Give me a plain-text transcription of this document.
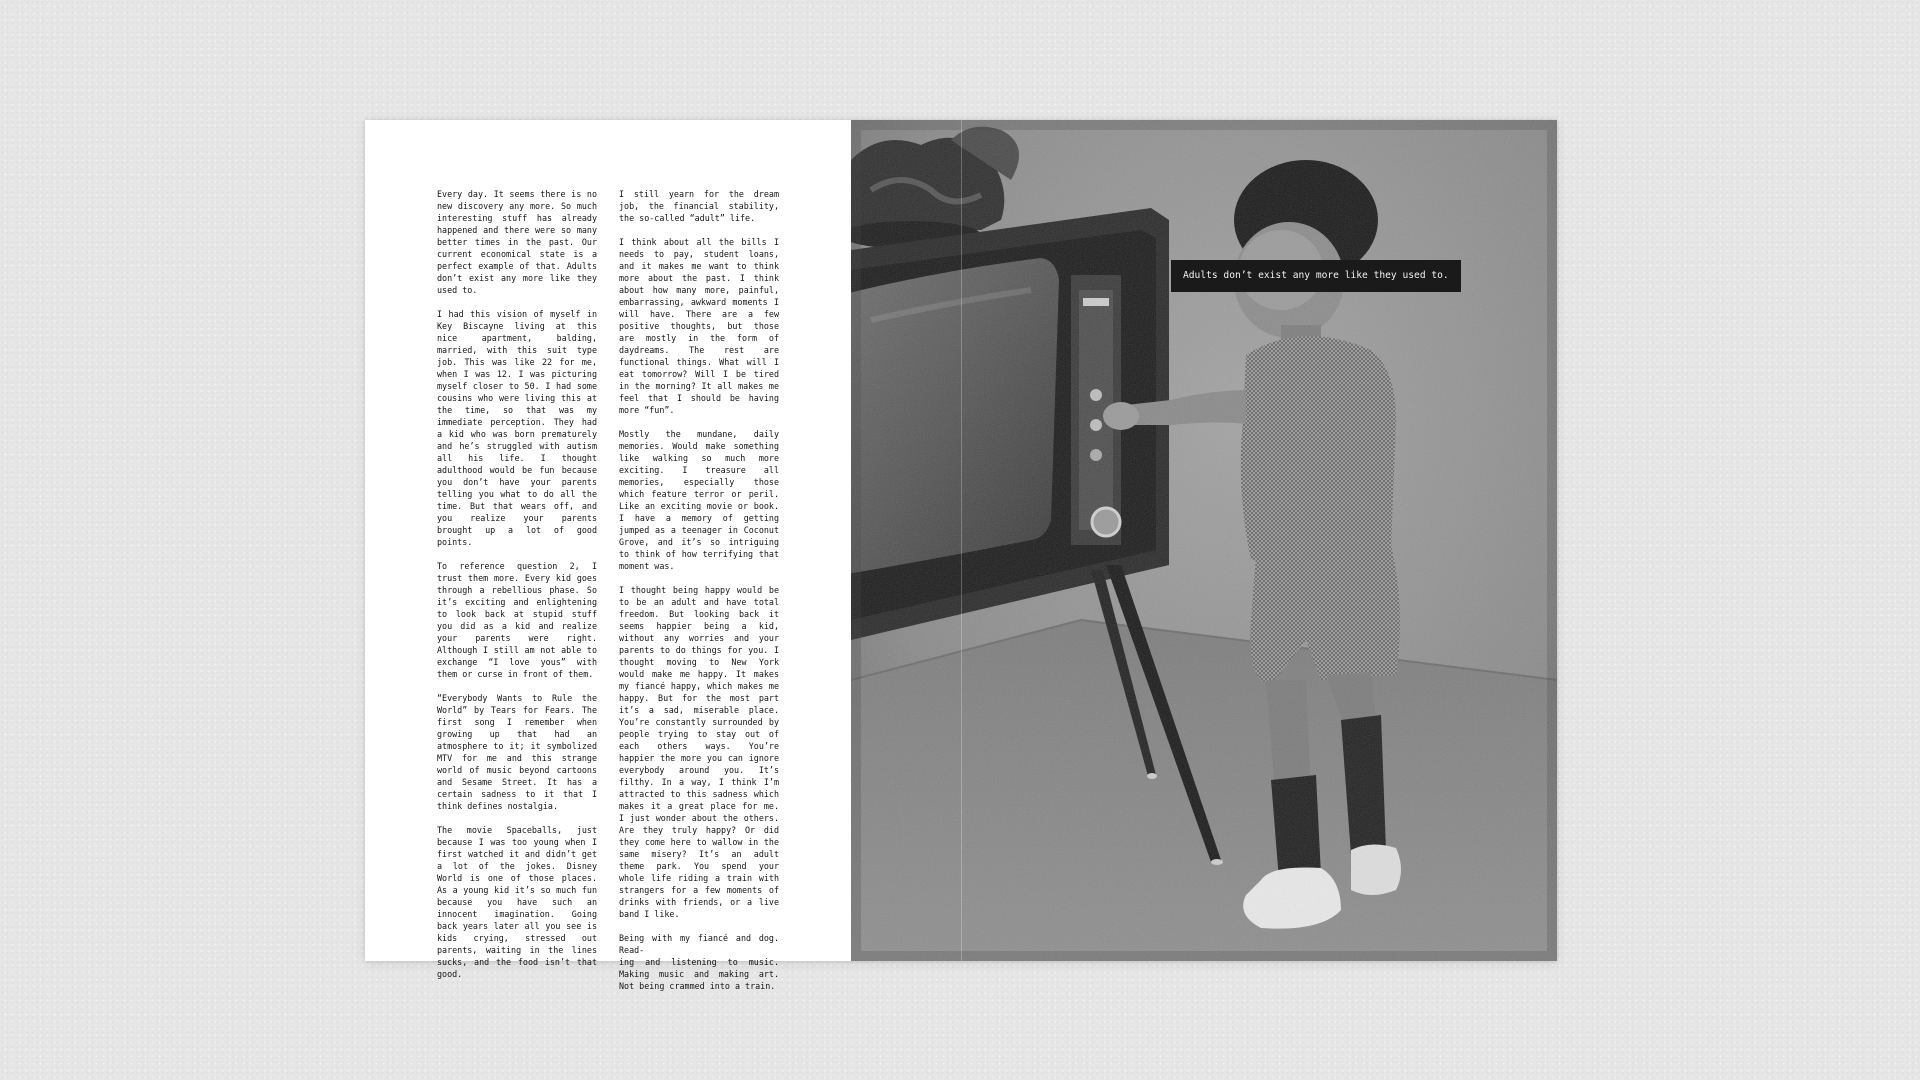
Every day. It seems there is no new discovery any more. So much interesting stuff has already happened and there were so many better times in the past. Our current economical state is a perfect example of that. Adults don’t exist any more like they used to.

I had this vision of myself in Key Biscayne living at this nice apartment, balding, married, with this suit type job. This was like 22 for me, when I was 12. I was picturing myself closer to 50. I had some cousins who were living this at the time, so that was my immediate perception. They had a kid who was born prematurely and he’s struggled with autism all his life. I thought adulthood would be fun because you don’t have your parents telling you what to do all the time. But that wears off, and you realize your parents brought up a lot of good points.

To reference question 2, I trust them more. Every kid goes through a rebellious phase. So it’s exciting and enlightening to look back at stupid stuff you did as a kid and realize your parents were right. Although I still am not able to exchange “I love yous” with them or curse in front of them.

“Everybody Wants to Rule the World” by Tears for Fears. The first song I remember when growing up that had an atmosphere to it; it symbolized MTV for me and this strange world of music beyond cartoons and Sesame Street. It has a certain sadness to it that I think defines nostalgia.

The movie Spaceballs, just because I was too young when I first watched it and didn’t get a lot of the jokes. Disney World is one of those places. As a young kid it’s so much fun because you have such an innocent imagination. Going back years later all you see is kids crying, stressed out parents, waiting in the lines sucks, and the food isn’t that good.

I still yearn for the dream job, the financial stability, the so-called “adult” life.

I think about all the bills I needs to pay, student loans, and it makes me want to think more about the past. I think about how many more, painful, embarrassing, awkward moments I will have. There are a few positive thoughts, but those are mostly in the form of daydreams. The rest are functional things. What will I eat tomorrow? Will I be tired in the morning? It all makes me feel that I should be having more “fun”.

Mostly the mundane, daily memories. Would make something like walking so much more exciting. I treasure all memories, especially those which feature terror or peril. Like an exciting movie or book. I have a memory of getting jumped as a teenager in Coconut Grove, and it’s so intriguing to think of how terrifying that moment was.

I thought being happy would be to be an adult and have total freedom. But looking back it seems happier being a kid, without any worries and your parents to do things for you. I thought moving to New York would make me happy. It makes my fiancé happy, which makes me happy. But for the most part it’s a sad, miserable place. You’re constantly surrounded by people trying to stay out of each others ways. You’re happier the more you can ignore everybody around you. It’s filthy. In a way, I think I’m attracted to this sadness which makes it a great place for me. I just wonder about the others. Are they truly happy? Or did they come here to wallow in the same misery? It’s an adult theme park. You spend your whole life riding a train with strangers for a few moments of drinks with friends, or a live band I like.

Being with my fiancé and dog. Read-
ing and listening to music. Making music and making art. Not being crammed into a train.

Adults don’t exist any more like they used to.
